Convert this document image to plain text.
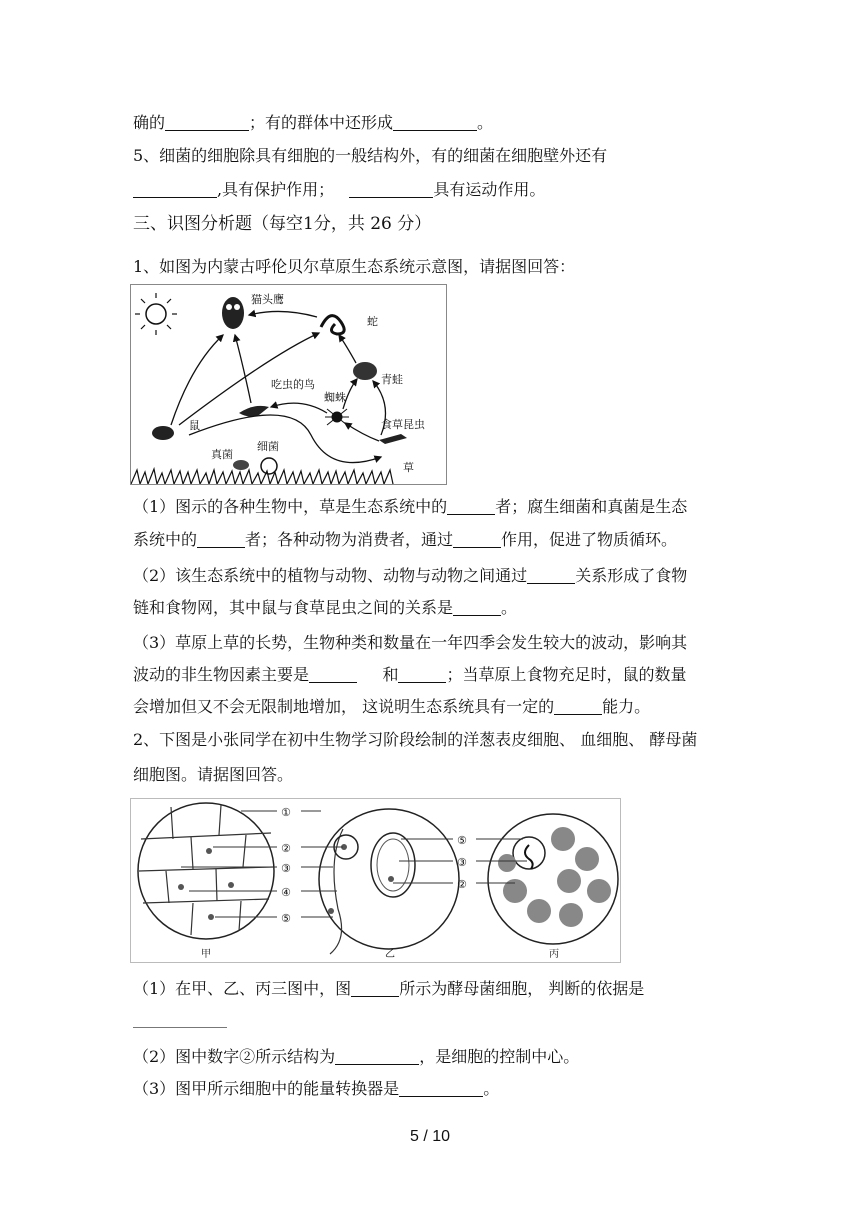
确的	；有的群体中还形成	。
5、细菌的细胞除具有细胞的一般结构外，有的细菌在细胞壁外还有
,具有保护作用；	具有运动作用。
三、识图分析题（每空1分，共 26 分）
1、如图为内蒙古呼伦贝尔草原生态系统示意图，请据图回答：
猫头鹰
蛇
青蛙
吃虫的鸟
蜘蛛
鼠	食草昆虫
真菌
细菌
草
（1）图示的各种生物中，草是生态系统中的	者；腐生细菌和真菌是生态
系统中的	者；各种动物为消费者，通过	作用，促进了物质循环。
（2）该生态系统中的植物与动物、动物与动物之间通过	关系形成了食物
链和食物网，其中鼠与食草昆虫之间的关系是	。
（3）草原上草的长势，生物种类和数量在一年四季会发生较大的波动，影响其
波动的非生物因素主要是	和	；当草原上食物充足时，鼠的数量
会增加但又不会无限制地增加， 这说明生态系统具有一定的	能力。
2、下图是小张同学在初中生物学习阶段绘制的洋葱表皮细胞、 血细胞、 酵母菌
细胞图。请据图回答。
①
②
③
④
⑤
⑤
③
②
甲	乙	丙
（1）在甲、乙、丙三图中，图	所示为酵母菌细胞， 判断的依据是
（2）图中数字②所示结构为	，是细胞的控制中心。
（3）图甲所示细胞中的能量转换器是	。
5 / 10
